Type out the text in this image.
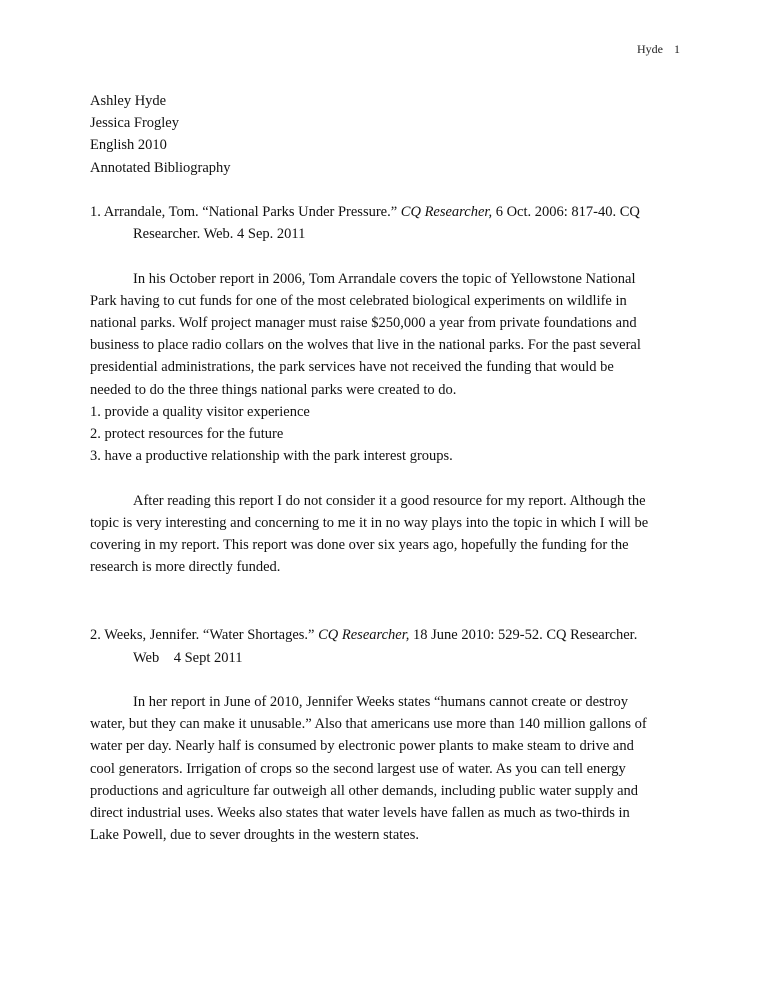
Hyde 1
Ashley Hyde
Jessica Frogley
English 2010
Annotated Bibliography
1. Arrandale, Tom. “National Parks Under Pressure.” CQ Researcher, 6 Oct. 2006: 817-40. CQ
Researcher. Web. 4 Sep. 2011
In his October report in 2006, Tom Arrandale covers the topic of Yellowstone National
Park having to cut funds for one of the most celebrated biological experiments on wildlife in
national parks. Wolf project manager must raise $250,000 a year from private foundations and
business to place radio collars on the wolves that live in the national parks. For the past several
presidential administrations, the park services have not received the funding that would be
needed to do the three things national parks were created to do.
1. provide a quality visitor experience
2. protect resources for the future
3. have a productive relationship with the park interest groups.
After reading this report I do not consider it a good resource for my report. Although the
topic is very interesting and concerning to me it in no way plays into the topic in which I will be
covering in my report. This report was done over six years ago, hopefully the funding for the
research is more directly funded.
2. Weeks, Jennifer. “Water Shortages.” CQ Researcher, 18 June 2010: 529-52. CQ Researcher.
Web    4 Sept 2011
In her report in June of 2010, Jennifer Weeks states “humans cannot create or destroy
water, but they can make it unusable.” Also that americans use more than 140 million gallons of
water per day. Nearly half is consumed by electronic power plants to make steam to drive and
cool generators. Irrigation of crops so the second largest use of water. As you can tell energy
productions and agriculture far outweigh all other demands, including public water supply and
direct industrial uses. Weeks also states that water levels have fallen as much as two-thirds in
Lake Powell, due to sever droughts in the western states.
